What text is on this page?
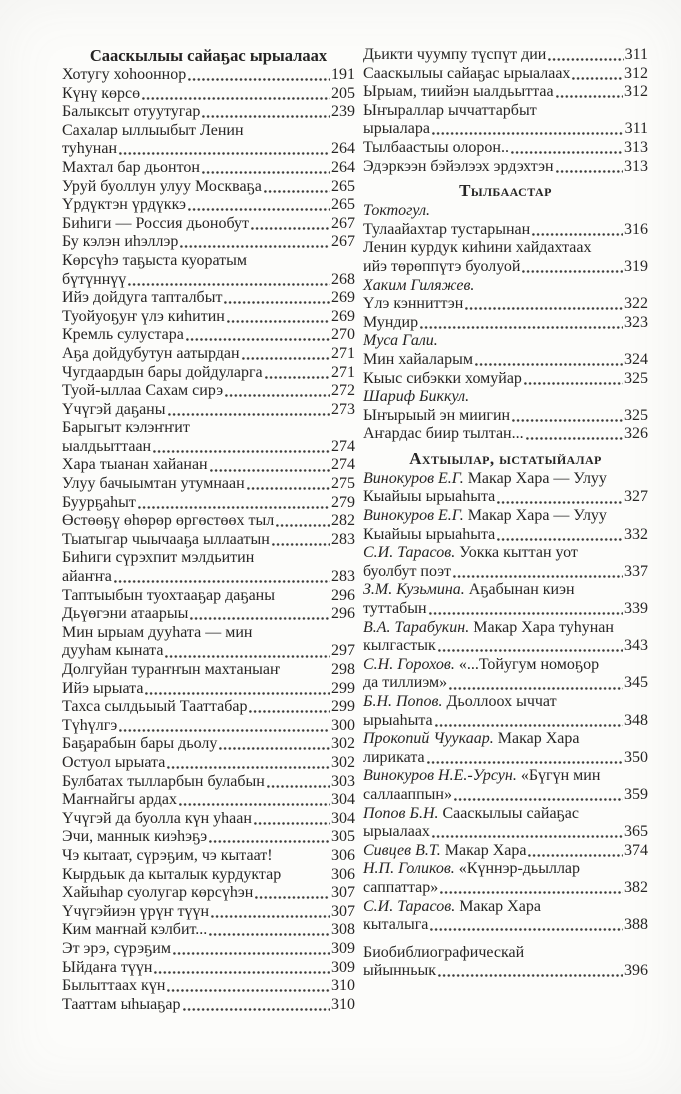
Сааскылыы сайаҕас ырыалаах
Хотугу хоһооннор	191
Күнү көрсө	205
Балыксыт отуутугар	239
Сахалар ыллыыбыт Ленин
туһунан	264
Махтал бар дьонтон	264
Уруй буоллун улуу Москваҕа	265
Үрдүктэн үрдүккэ	265
Биһиги — Россия дьонобут	267
Бу кэлэн иһэллэр	267
Көрсүһэ таҕыста куоратым
бүтүннүү	268
Ийэ дойдуга тапталбыт	269
Туойуоҕуҥ үлэ киһитин	269
Кремль сулустара	270
Аҕа дойдубутун аатырдан	271
Чугдаардын бары дойдуларга	271
Туой-ыллаа Сахам сирэ	272
Үчүгэй даҕаны	273
Барыгыт кэлэҥҥит
ыалдьыттаан	274
Хара тыанан хайанан	274
Улуу бачыымтан утумнаан	275
Буурҕаһыт	279
Өстөөҕү өһөрөр өргөстөөх тыл	282
Тыатыгар чыычааҕа ыллаатын	283
Биһиги сүрэхпит мэлдьитин
айаҥҥа	283
Таптыыбын туохтааҕар даҕаны	296
Дьүөгэни атаарыы	296
Мин ырыам дууһата — мин
дууһам кыната	297
Долгуйан тураҥҥын махтаныаҥ	298
Ийэ ырыата	299
Тахса сылдьыый Тааттабар	299
Түһүлгэ	300
Баҕарабын бары дьолу	302
Остуол ырыата	302
Булбатах тылларбын булабын	303
Маҥнайгы ардах	304
Үчүгэй да буолла күн уһаан	304
Эчи, маннык киэһэҕэ	305
Чэ кытаат, сүрэҕим, чэ кытаат!	306
Кырдьык да кыталык курдуктар	306
Хайыһар суолугар көрсүһэн	307
Үчүгэйиэн үрүҥ түүн	307
Ким маҥнай кэлбит...	308
Эт эрэ, сүрэҕим	309
Ыйдаҥа түүн	309
Былыттаах күн	310
Тааттам ыһыаҕар	310
Дьикти чуумпу түспүт дии	311
Сааскылыы сайаҕас ырыалаах	312
Ырыам, тиийэн ыалдьыттаа	312
Ыҥыраллар ыччаттарбыт
ырыалара	311
Тылбаастыы олорон..	313
Эдэркээн бэйэлээх эрдэхтэн	313
Тылбаастар
Токтогул.
Тулаайахтар тустарынан	316
Ленин курдук киһини хайдахтаах
ийэ төрөппүтэ буолуой	319
Хаким Гиляжев.
Үлэ кэнниттэн	322
Мундир	323
Муса Гали.
Мин хайаларым	324
Кыыс сибэкки хомуйар	325
Шариф Биккул.
Ыҥырыый эн миигин	325
Аҥардас биир тылтан...	326
Ахтыылар, ыстатыйалар
Винокуров Е.Г. Макар Хара — Улуу
Кыайыы ырыаһыта	327
Винокуров Е.Г. Макар Хара — Улуу
Кыайыы ырыаһыта	332
С.И. Тарасов. Уокка кыттан уот
буолбут поэт	337
З.М. Кузьмина. Аҕабынан киэн
туттабын	339
В.А. Тарабукин. Макар Хара туһунан
кылгастык	343
С.Н. Горохов. «...Тойугум номоҕор
да тиллиэм»	345
Б.Н. Попов. Дьоллоох ыччат
ырыаһыта	348
Прокопий Чуукаар. Макар Хара
лириката	350
Винокуров Н.Е.-Урсун. «Бүгүн мин
саллааппын»	359
Попов Б.Н. Сааскылыы сайаҕас
ырыалаах	365
Сивцев В.Т. Макар Хара	374
Н.П. Голиков. «Күннэр-дьыллар
саппаттар»	382
С.И. Тарасов. Макар Хара
кыталыга	388
Биобиблиографическай
ыйынньык	396
